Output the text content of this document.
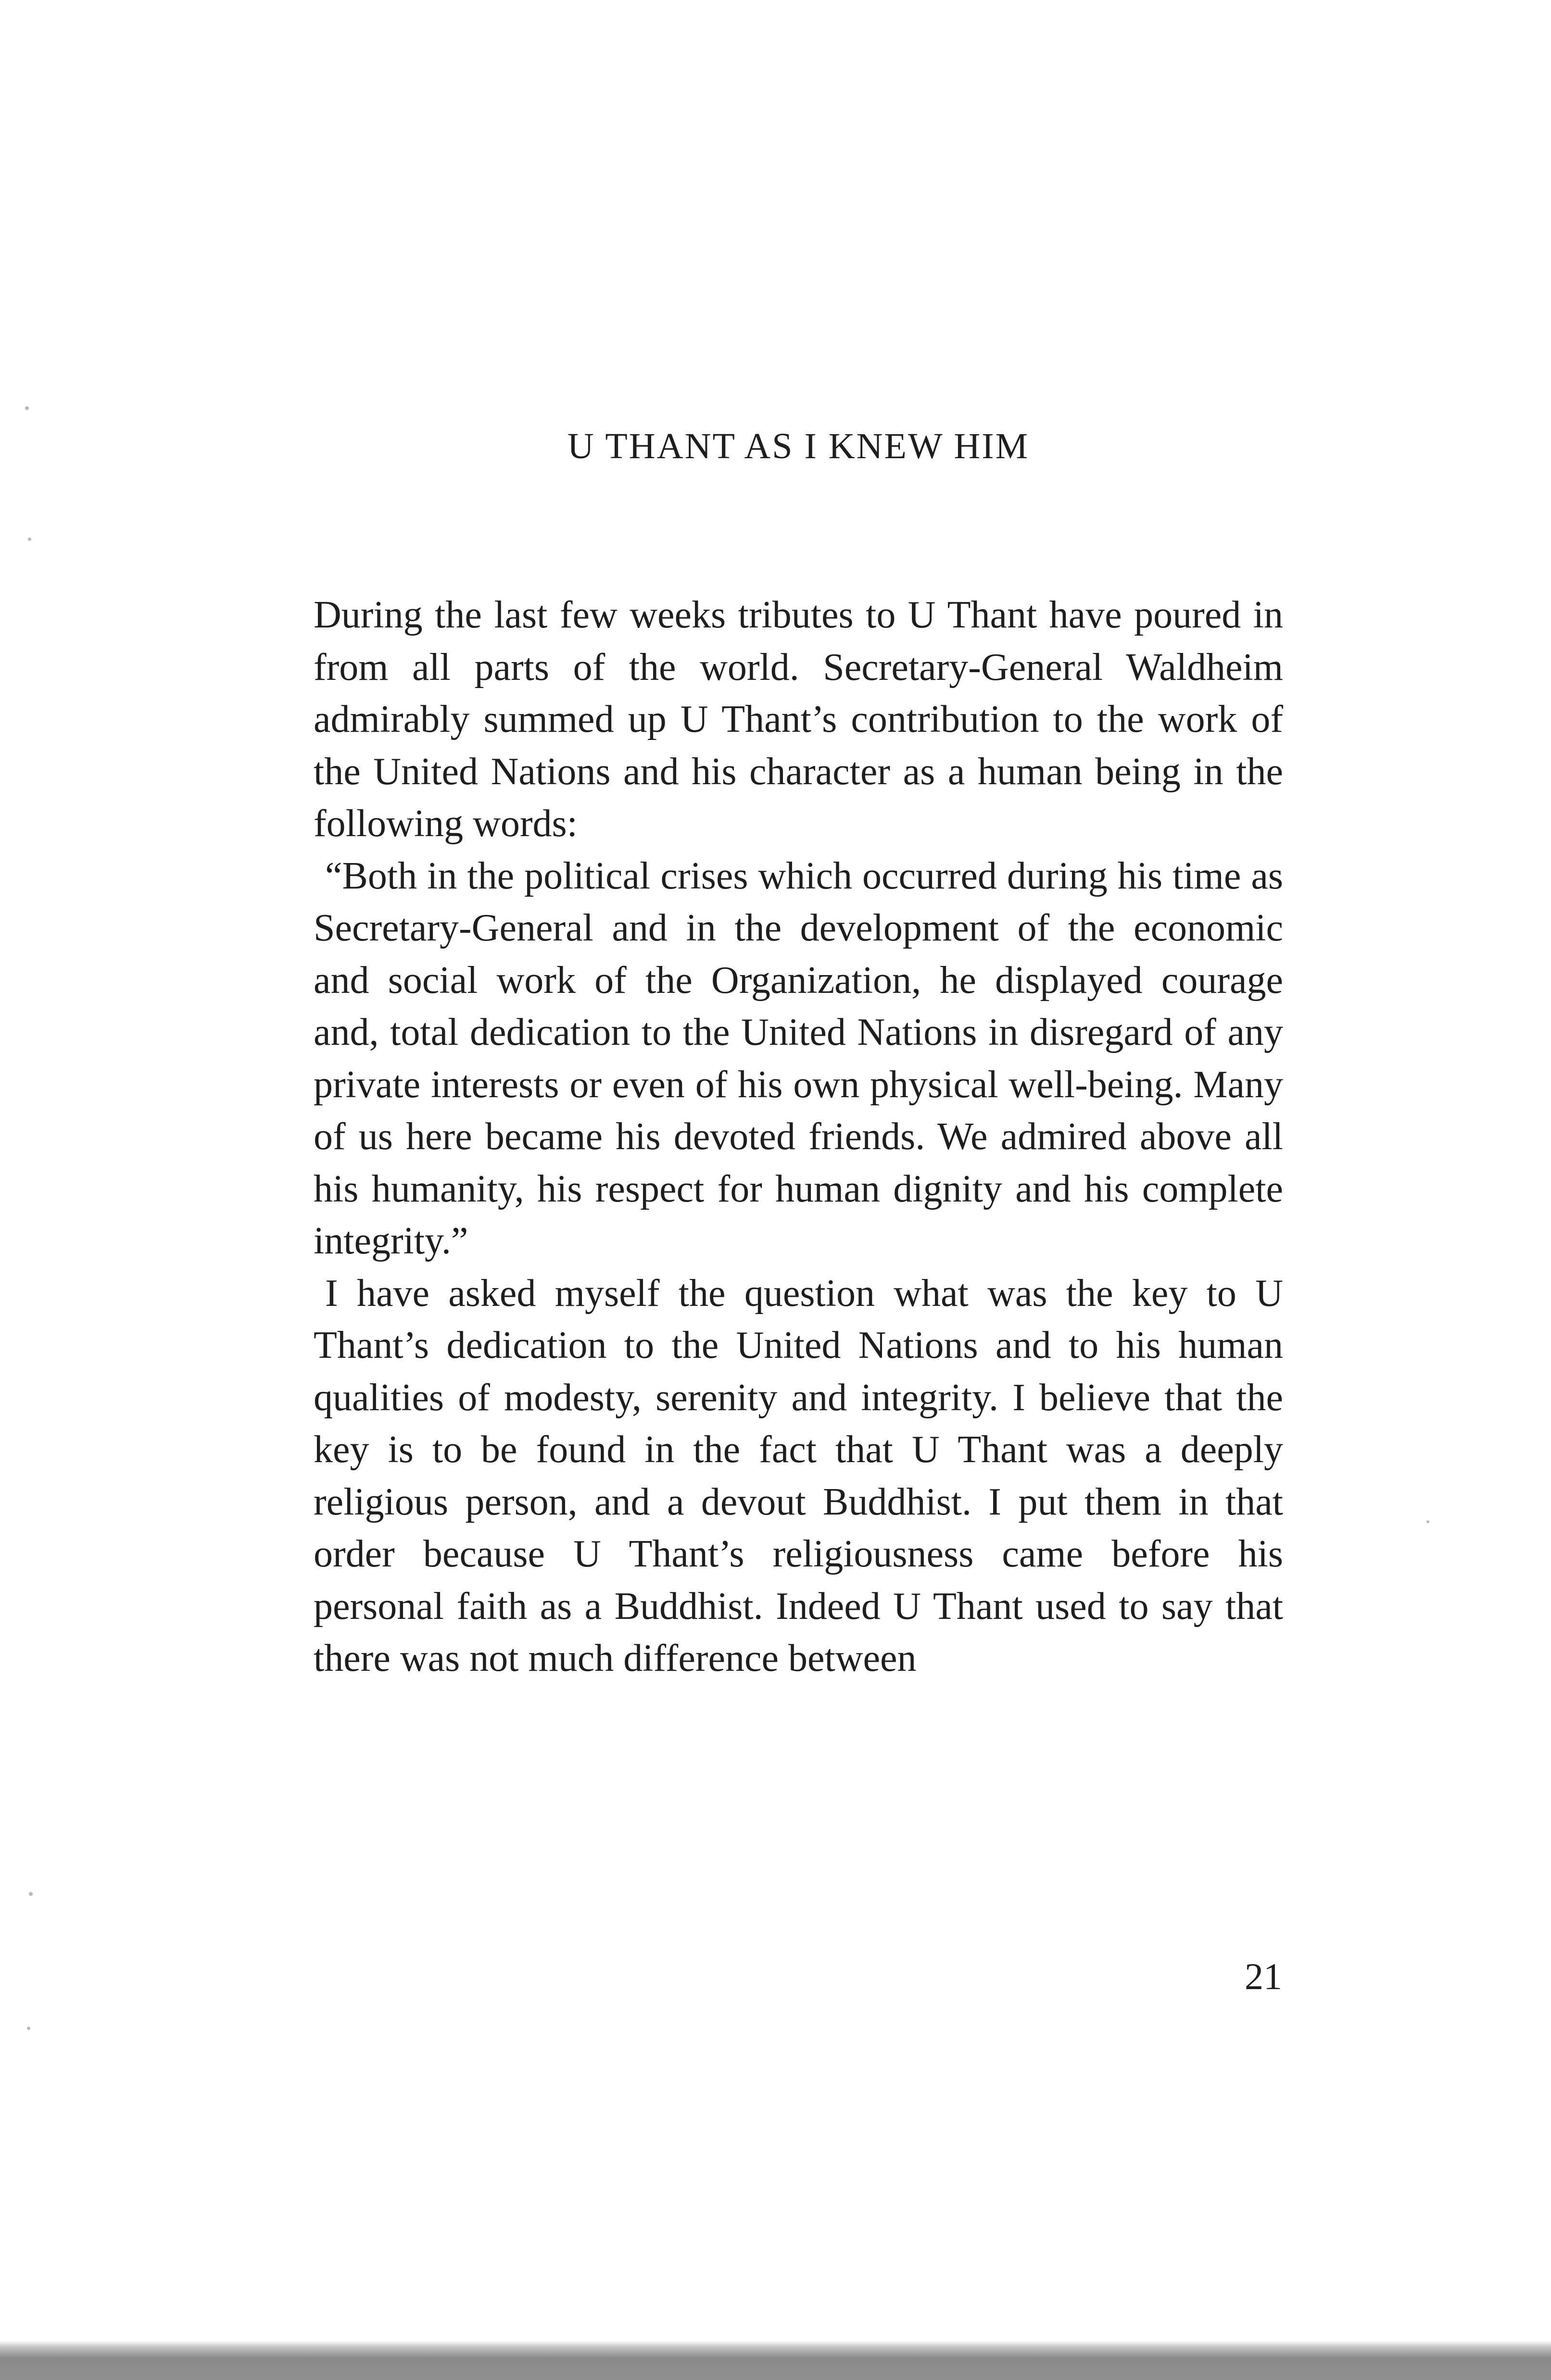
U THANT AS I KNEW HIM

During the last few weeks tributes to U Thant have poured in from all parts of the world. Secretary-General Waldheim admirably summed up U Thant’s contribution to the work of the United Nations and his character as a human being in the following words:

“Both in the political crises which occurred during his time as Secretary-General and in the development of the economic and social work of the Organization, he displayed courage and, total dedication to the United Nations in disregard of any private interests or even of his own physical well-being. Many of us here became his devoted friends. We admired above all his humanity, his respect for human dignity and his complete integrity.”

I have asked myself the question what was the key to U Thant’s dedication to the United Nations and to his human qualities of modesty, serenity and integrity. I believe that the key is to be found in the fact that U Thant was a deeply religious person, and a devout Buddhist. I put them in that order because U Thant’s religiousness came before his personal faith as a Buddhist. Indeed U Thant used to say that there was not much difference between

21
